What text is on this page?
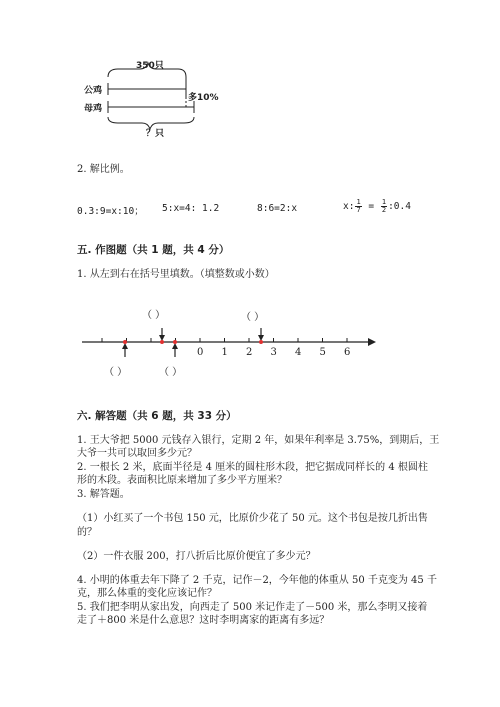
350只
公鸡
母鸡
多10%
？只
2. 解比例。
0.3:9=x:10； 5:x=4: 1.2	8:6=2:x	x: $\frac{1}{7} = \frac{1}{2}$ :0.4
五. 作图题（共 1 题，共 4 分）
1. 从左到右在括号里填数。（填整数或小数）
（ ）	（ ）
（ ）	（ ）
0 1 2 3 4 5 6
六. 解答题（共 6 题，共 33 分）
1. 王大爷把 5000 元钱存入银行，定期 2 年，如果年利率是 3.75%，到期后，王
大爷一共可以取回多少元？
2. 一根长 2 米，底面半径是 4 厘米的圆柱形木段，把它据成同样长的 4 根圆柱
形的木段。表面积比原来增加了多少平方厘米？
3. 解答题。
（1）小红买了一个书包 150 元，比原价少花了 50 元。这个书包是按几折出售
的？
（2）一件衣服 200，打八折后比原价便宜了多少元？
4. 小明的体重去年下降了 2 千克，记作－2，今年他的体重从 50 千克变为 45 千
克，那么体重的变化应该记作？
5. 我们把李明从家出发，向西走了 500 米记作走了－500 米，那么李明又接着
走了＋800 米是什么意思？这时李明离家的距离有多远？
